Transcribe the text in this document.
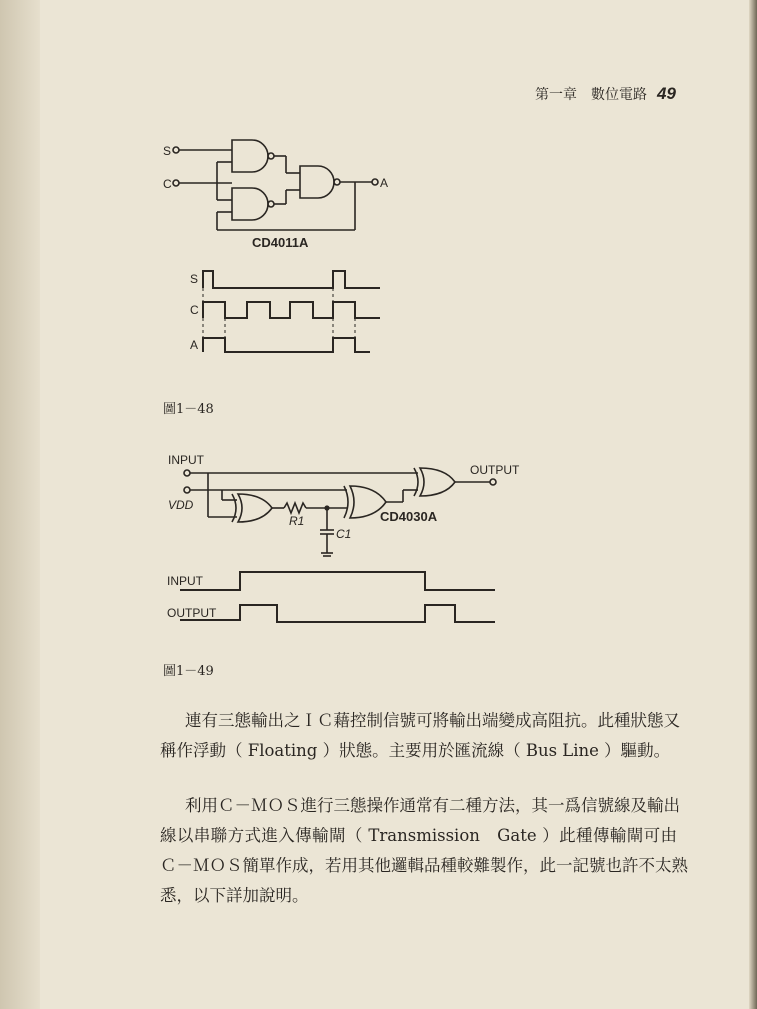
第一章　數位電路 49
S
C	A
CD4011A
S
C
A
INPUT
VDD
OUTPUT
R1
C1
CD4030A
INPUT
OUTPUT
圖1－48
圖1－49
連有三態輸出之ＩＣ藉控制信號可將輸出端變成高阻抗。此種狀態又
稱作浮動（ Floating ）狀態。主要用於匯流線（ Bus Line ）驅動。
利用Ｃ－ＭＯＳ進行三態操作通常有二種方法，其一爲信號線及輸出
線以串聯方式進入傳輸閘（ Transmission　Gate ）此種傳輸閘可由
Ｃ－ＭＯＳ簡單作成，若用其他邏輯品種較難製作，此一記號也許不太熟
悉，以下詳加說明。
